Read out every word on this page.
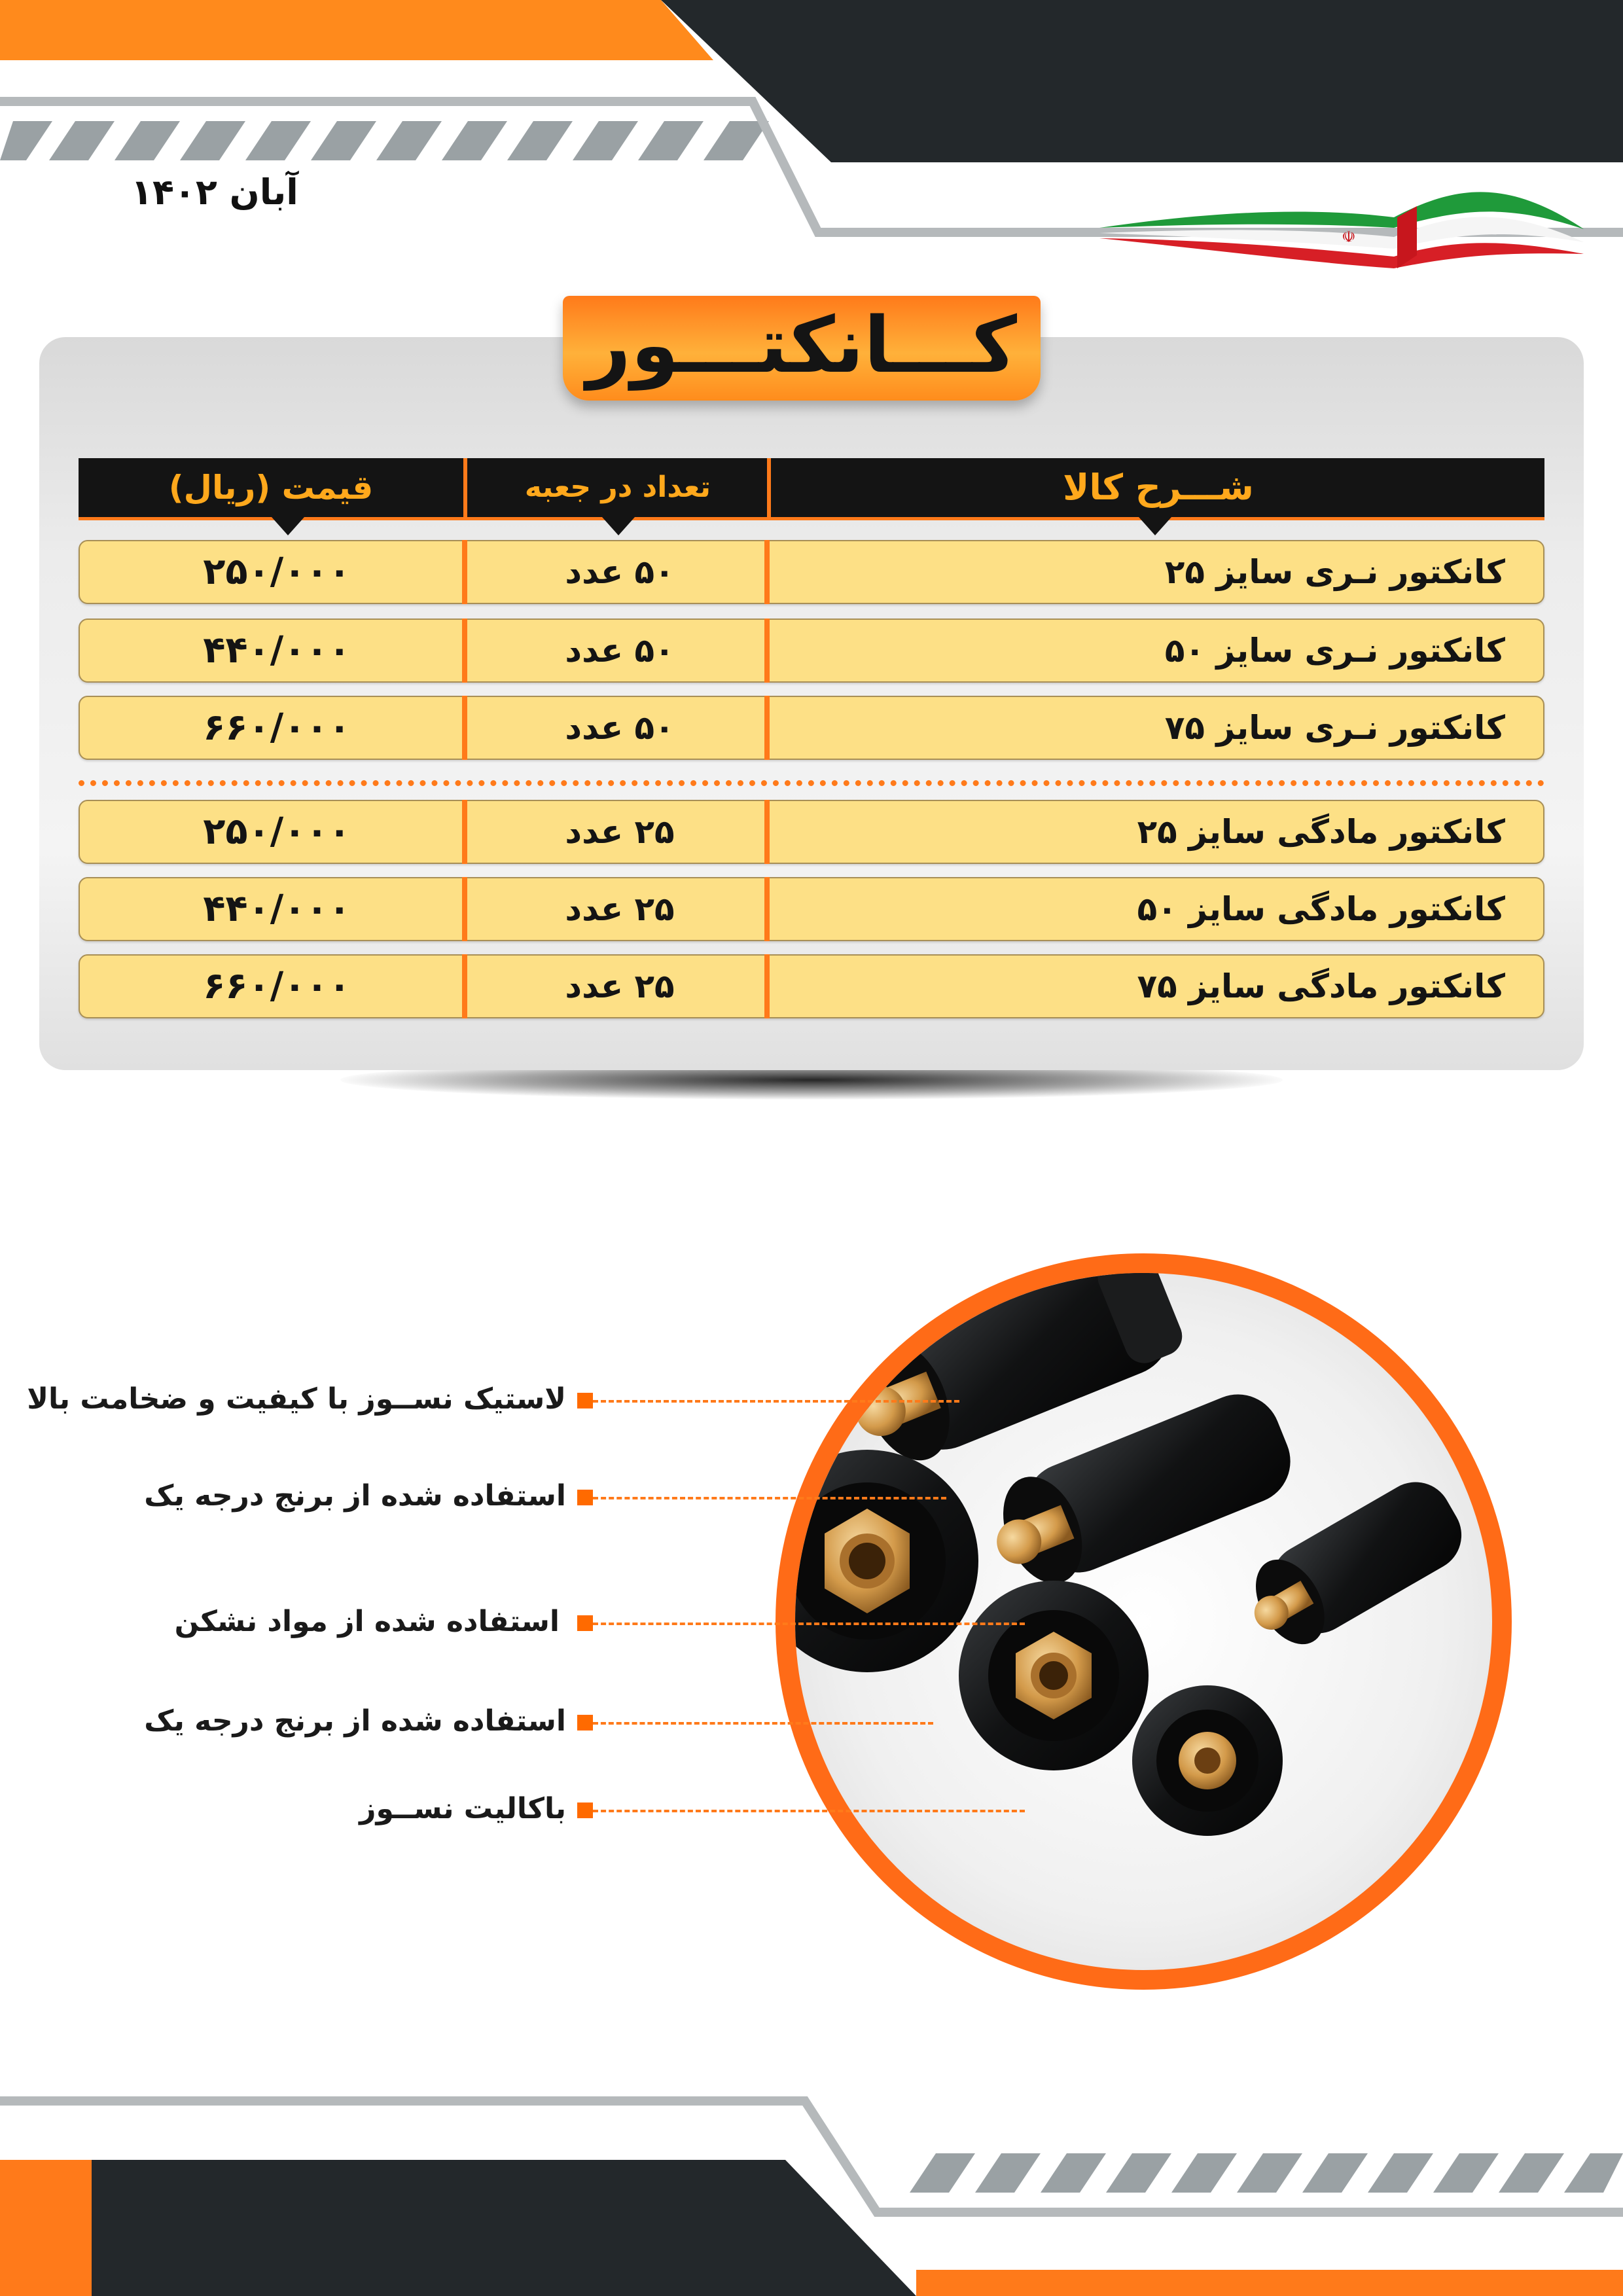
☫
آبان ۱۴۰۲
کـــانکتـــور
شـــرح کالا
تعداد در جعبه
قیمت (ریال)
کانکتور نـری سایز ۲۵
۵۰ عدد
۲۵۰/۰۰۰
کانکتور نـری سایز ۵۰
۵۰ عدد
۴۴۰/۰۰۰
کانکتور نـری سایز ۷۵
۵۰ عدد
۶۶۰/۰۰۰
کانکتور مادگی سایز ۲۵
۲۵ عدد
۲۵۰/۰۰۰
کانکتور مادگی سایز ۵۰
۲۵ عدد
۴۴۰/۰۰۰
کانکتور مادگی سایز ۷۵
۲۵ عدد
۶۶۰/۰۰۰
لاستیک نســوز با کیفیت و ضخامت بالا
استفاده شده از برنج درجه یک
استفاده شده از مواد نشکن
استفاده شده از برنج درجه یک
باکالیت نســوز
